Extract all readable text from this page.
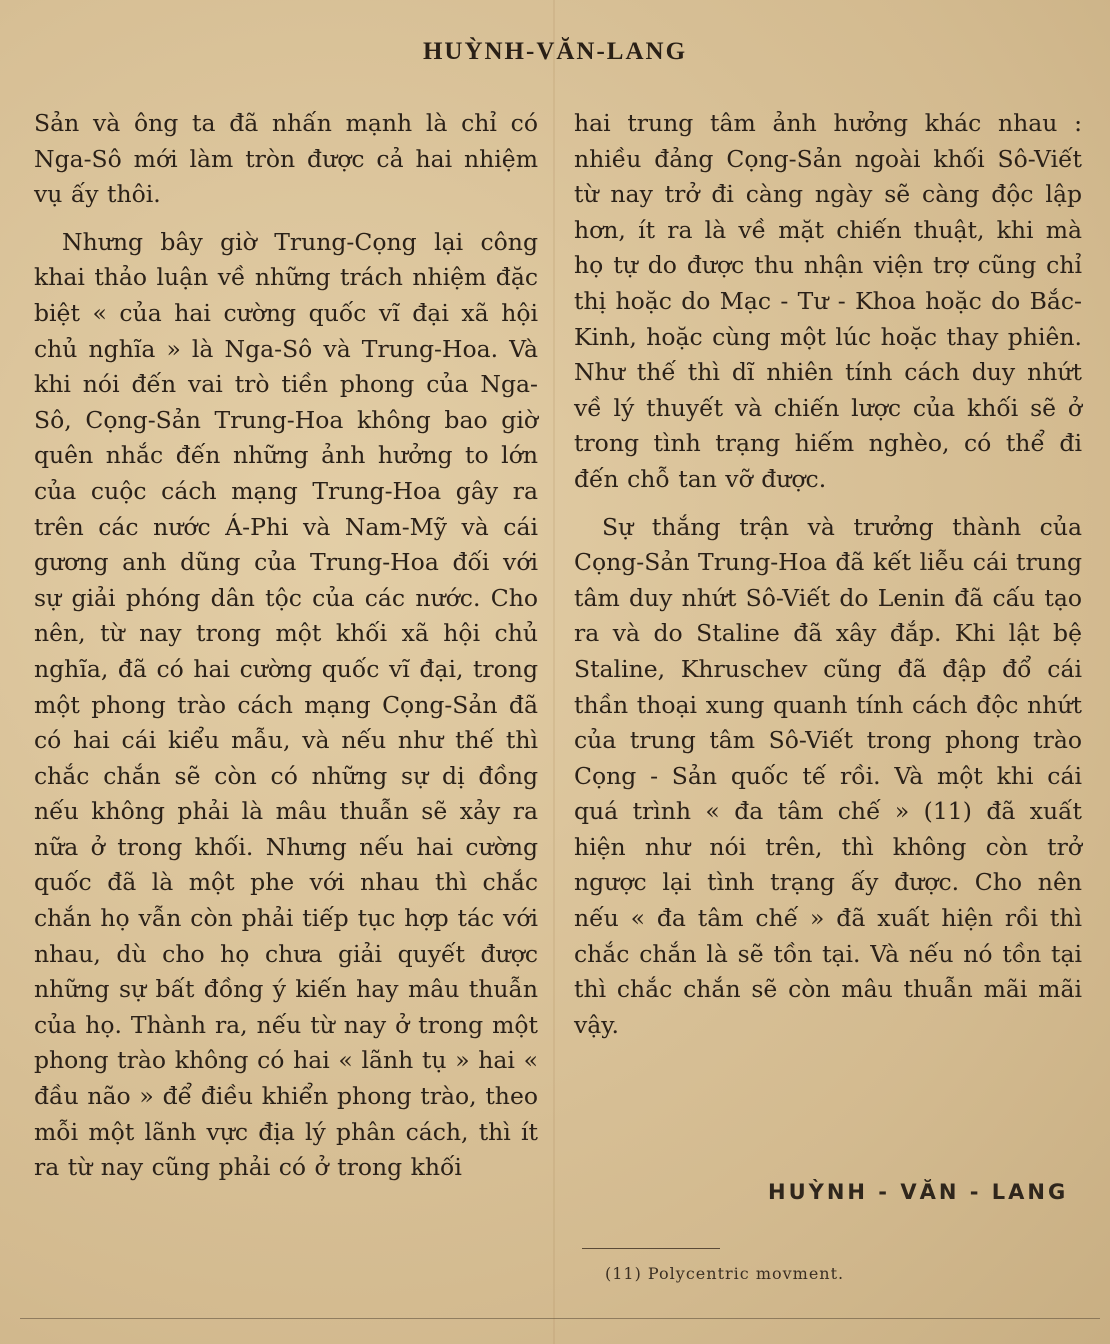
HUỲNH-VĂN-LANG

Sản và ông ta đã nhấn mạnh là chỉ có Nga-Sô mới làm tròn được cả hai nhiệm vụ ấy thôi.

Nhưng bây giờ Trung-Cọng lại công khai thảo luận về những trách nhiệm đặc biệt « của hai cường quốc vĩ đại xã hội chủ nghĩa » là Nga-Sô và Trung-Hoa. Và khi nói đến vai trò tiền phong của Nga-Sô, Cọng-Sản Trung-Hoa không bao giờ quên nhắc đến những ảnh hưởng to lớn của cuộc cách mạng Trung-Hoa gây ra trên các nước Á-Phi và Nam-Mỹ và cái gương anh dũng của Trung-Hoa đối với sự giải phóng dân tộc của các nước. Cho nên, từ nay trong một khối xã hội chủ nghĩa, đã có hai cường quốc vĩ đại, trong một phong trào cách mạng Cọng-Sản đã có hai cái kiểu mẫu, và nếu như thế thì chắc chắn sẽ còn có những sự dị đồng nếu không phải là mâu thuẫn sẽ xảy ra nữa ở trong khối. Nhưng nếu hai cường quốc đã là một phe với nhau thì chắc chắn họ vẫn còn phải tiếp tục hợp tác với nhau, dù cho họ chưa giải quyết được những sự bất đồng ý kiến hay mâu thuẫn của họ. Thành ra, nếu từ nay ở trong một phong trào không có hai « lãnh tụ » hai « đầu não » để điều khiển phong trào, theo mỗi một lãnh vực địa lý phân cách, thì ít ra từ nay cũng phải có ở trong khối

hai trung tâm ảnh hưởng khác nhau : nhiều đảng Cọng-Sản ngoài khối Sô-Viết từ nay trở đi càng ngày sẽ càng độc lập hơn, ít ra là về mặt chiến thuật, khi mà họ tự do được thu nhận viện trợ cũng chỉ thị hoặc do Mạc - Tư - Khoa hoặc do Bắc-Kinh, hoặc cùng một lúc hoặc thay phiên. Như thế thì dĩ nhiên tính cách duy nhứt về lý thuyết và chiến lược của khối sẽ ở trong tình trạng hiếm nghèo, có thể đi đến chỗ tan vỡ được.

Sự thắng trận và trưởng thành của Cọng-Sản Trung-Hoa đã kết liễu cái trung tâm duy nhứt Sô-Viết do Lenin đã cấu tạo ra và do Staline đã xây đắp. Khi lật bệ Staline, Khruschev cũng đã đập đổ cái thần thoại xung quanh tính cách độc nhứt của trung tâm Sô-Viết trong phong trào Cọng - Sản quốc tế rồi. Và một khi cái quá trình « đa tâm chế » (11) đã xuất hiện như nói trên, thì không còn trở ngược lại tình trạng ấy được. Cho nên nếu « đa tâm chế » đã xuất hiện rồi thì chắc chắn là sẽ tồn tại. Và nếu nó tồn tại thì chắc chắn sẽ còn mâu thuẫn mãi mãi vậy.

HUỲNH - VĂN - LANG
(11) Polycentric movment.
